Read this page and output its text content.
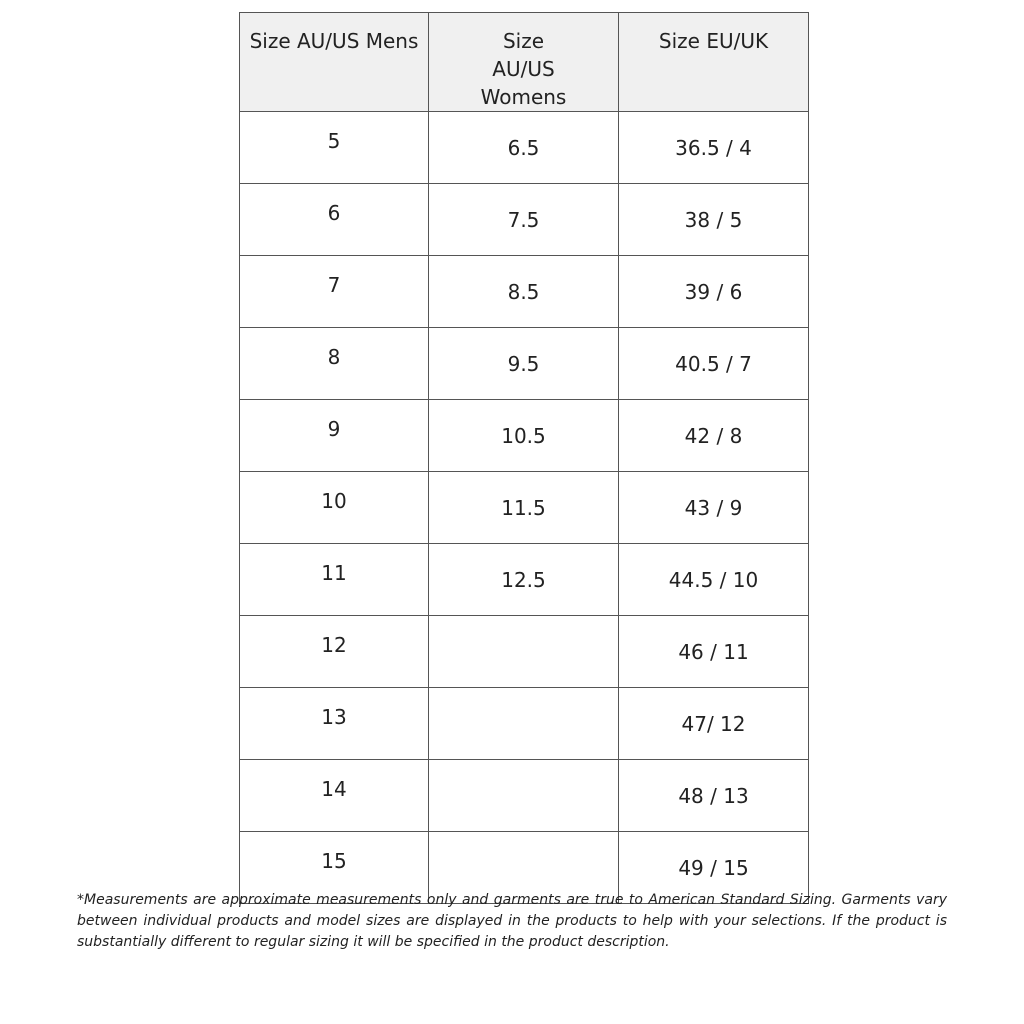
Size AU/US Mens	Size AU/US Womens	Size EU/UK
5	6.5	36.5 / 4
6	7.5	38 / 5
7	8.5	39 / 6
8	9.5	40.5 / 7
9	10.5	42 / 8
10	11.5	43 / 9
11	12.5	44.5 / 10
12		46 / 11
13		47/ 12
14		48 / 13
15		49 / 15

*Measurements are approximate measurements only and garments are true to American Standard Sizing. Garments vary between individual products and model sizes are displayed in the products to help with your selections. If the product is substantially different to regular sizing it will be specified in the product description.
